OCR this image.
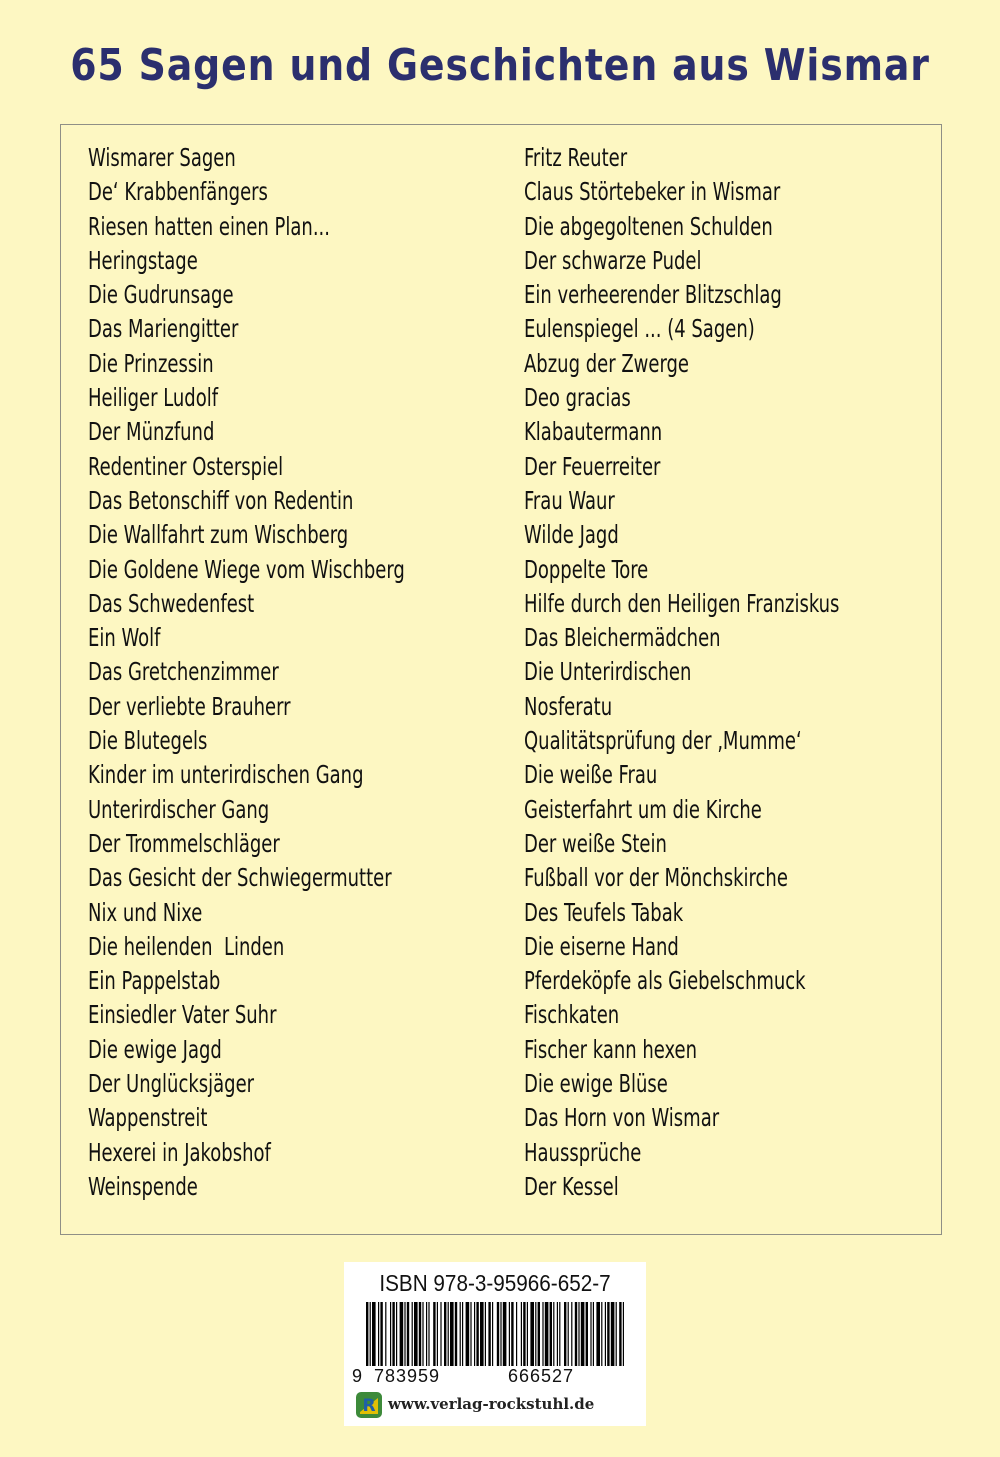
65 Sagen und Geschichten aus Wismar
Wismarer Sagen
De‘ Krabbenfängers
Riesen hatten einen Plan...
Heringstage
Die Gudrunsage
Das Mariengitter
Die Prinzessin
Heiliger Ludolf
Der Münzfund
Redentiner Osterspiel
Das Betonschiff von Redentin
Die Wallfahrt zum Wischberg
Die Goldene Wiege vom Wischberg
Das Schwedenfest
Ein Wolf
Das Gretchenzimmer
Der verliebte Brauherr
Die Blutegels
Kinder im unterirdischen Gang
Unterirdischer Gang
Der Trommelschläger
Das Gesicht der Schwiegermutter
Nix und Nixe
Die heilenden  Linden
Ein Pappelstab
Einsiedler Vater Suhr
Die ewige Jagd
Der Unglücksjäger
Wappenstreit
Hexerei in Jakobshof
Weinspende
Fritz Reuter
Claus Störtebeker in Wismar
Die abgegoltenen Schulden
Der schwarze Pudel
Ein verheerender Blitzschlag
Eulenspiegel ... (4 Sagen)
Abzug der Zwerge
Deo gracias
Klabautermann
Der Feuerreiter
Frau Waur
Wilde Jagd
Doppelte Tore
Hilfe durch den Heiligen Franziskus
Das Bleichermädchen
Die Unterirdischen
Nosferatu
Qualitätsprüfung der ‚Mumme‘
Die weiße Frau
Geisterfahrt um die Kirche
Der weiße Stein
Fußball vor der Mönchskirche
Des Teufels Tabak
Die eiserne Hand
Pferdeköpfe als Giebelschmuck
Fischkaten
Fischer kann hexen
Die ewige Blüse
Das Horn von Wismar
Haussprüche
Der Kessel
ISBN 978-3-95966-652-7
9 783959	666527
R www.verlag-rockstuhl.de
